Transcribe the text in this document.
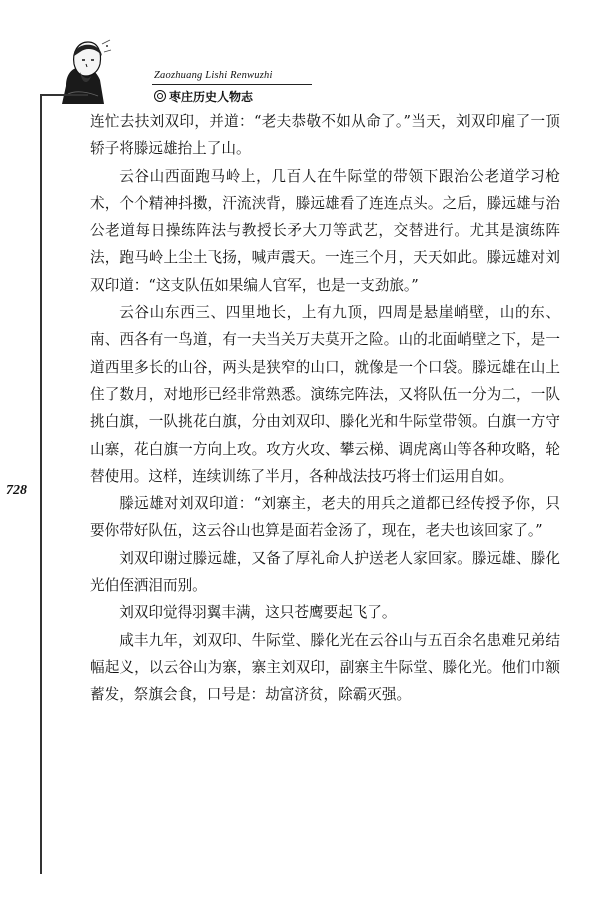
Zaozhuang Lishi Renwuzhi
枣庄历史人物志
728

连忙去扶刘双印，并道：“老夫恭敬不如从命了。”当天，刘双印雇了一顶轿子将滕远雄抬上了山。

云谷山西面跑马岭上，几百人在牛际堂的带领下跟治公老道学习枪术，个个精神抖擞，汗流浃背，滕远雄看了连连点头。之后，滕远雄与治公老道每日操练阵法与教授长矛大刀等武艺，交替进行。尤其是演练阵法，跑马岭上尘土飞扬，喊声震天。一连三个月，天天如此。滕远雄对刘双印道：“这支队伍如果编人官军，也是一支劲旅。”

云谷山东西三、四里地长，上有九顶，四周是悬崖峭壁，山的东、南、西各有一鸟道，有一夫当关万夫莫开之险。山的北面峭壁之下，是一道西里多长的山谷，两头是狭窄的山口，就像是一个口袋。滕远雄在山上住了数月，对地形已经非常熟悉。演练完阵法，又将队伍一分为二，一队挑白旗，一队挑花白旗，分由刘双印、滕化光和牛际堂带领。白旗一方守山寨，花白旗一方向上攻。攻方火攻、攀云梯、调虎离山等各种攻略，轮替使用。这样，连续训练了半月，各种战法技巧将士们运用自如。

滕远雄对刘双印道：“刘寨主，老夫的用兵之道都已经传授予你，只要你带好队伍，这云谷山也算是面若金汤了，现在，老夫也该回家了。”

刘双印谢过滕远雄，又备了厚礼命人护送老人家回家。滕远雄、滕化光伯侄洒泪而别。

刘双印觉得羽翼丰满，这只苍鹰要起飞了。

咸丰九年，刘双印、牛际堂、滕化光在云谷山与五百余名患难兄弟结幅起义，以云谷山为寨，寨主刘双印，副寨主牛际堂、滕化光。他们巾额蓄发，祭旗会食，口号是：劫富济贫，除霸灭强。
